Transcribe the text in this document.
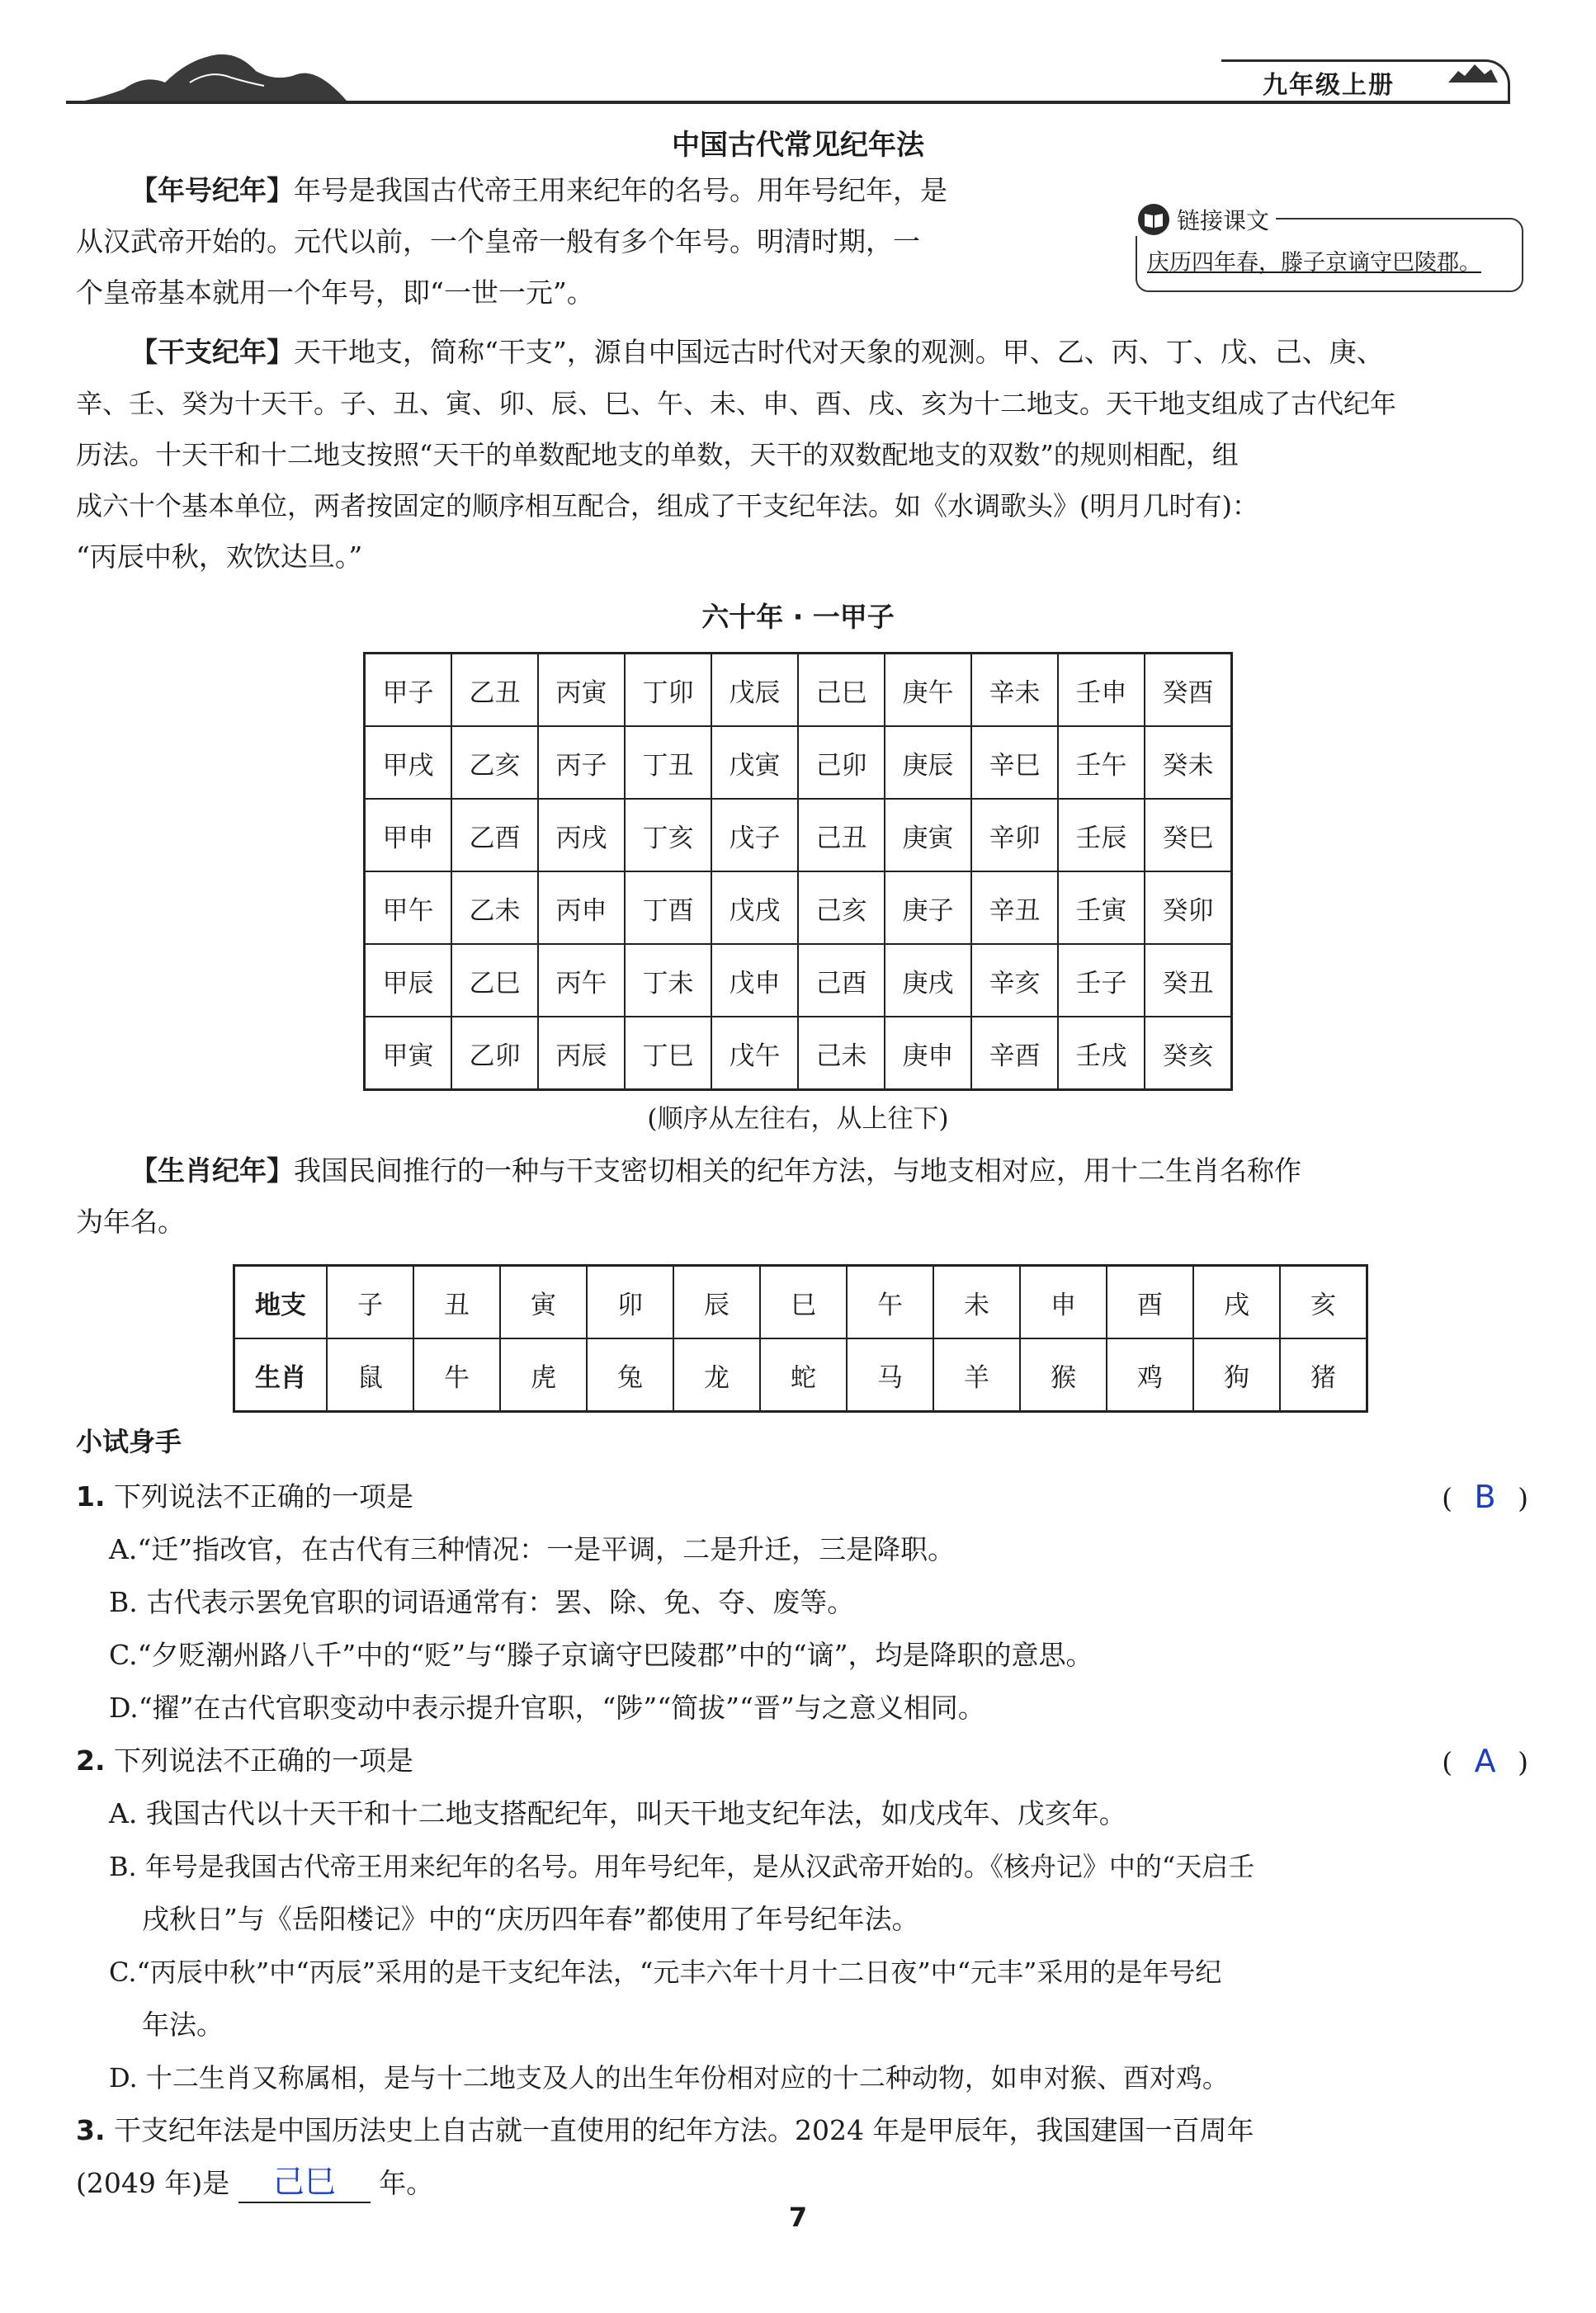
九年级上册
中国古代常见纪年法
链接课文
庆历四年春，滕子京谪守巴陵郡。
【年号纪年】年号是我国古代帝王用来纪年的名号。用年号纪年，是
从汉武帝开始的。元代以前，一个皇帝一般有多个年号。明清时期，一
个皇帝基本就用一个年号，即“一世一元”。
【干支纪年】天干地支，简称“干支”，源自中国远古时代对天象的观测。甲、乙、丙、丁、戊、己、庚、
辛、壬、癸为十天干。子、丑、寅、卯、辰、巳、午、未、申、酉、戌、亥为十二地支。天干地支组成了古代纪年
历法。十天干和十二地支按照“天干的单数配地支的单数，天干的双数配地支的双数”的规则相配，组
成六十个基本单位，两者按固定的顺序相互配合，组成了干支纪年法。如《水调歌头》(明月几时有)：
“丙辰中秋，欢饮达旦。”
六十年 · 一甲子
甲子	乙丑	丙寅	丁卯	戊辰	己巳	庚午	辛未	壬申	癸酉
甲戌	乙亥	丙子	丁丑	戊寅	己卯	庚辰	辛巳	壬午	癸未
甲申	乙酉	丙戌	丁亥	戊子	己丑	庚寅	辛卯	壬辰	癸巳
甲午	乙未	丙申	丁酉	戊戌	己亥	庚子	辛丑	壬寅	癸卯
甲辰	乙巳	丙午	丁未	戊申	己酉	庚戌	辛亥	壬子	癸丑
甲寅	乙卯	丙辰	丁巳	戊午	己未	庚申	辛酉	壬戌	癸亥
(顺序从左往右，从上往下)
【生肖纪年】我国民间推行的一种与干支密切相关的纪年方法，与地支相对应，用十二生肖名称作
为年名。
地支	子	丑	寅	卯	辰	巳	午	未	申	酉	戌	亥
生肖	鼠	牛	虎	兔	龙	蛇	马	羊	猴	鸡	狗	猪
小试身手
1. 下列说法不正确的一项是	( B )
A.“迁”指改官，在古代有三种情况：一是平调，二是升迁，三是降职。
B. 古代表示罢免官职的词语通常有：罢、除、免、夺、废等。
C.“夕贬潮州路八千”中的“贬”与“滕子京谪守巴陵郡”中的“谪”，均是降职的意思。
D.“擢”在古代官职变动中表示提升官职，“陟”“简拔”“晋”与之意义相同。
2. 下列说法不正确的一项是	( A )
A. 我国古代以十天干和十二地支搭配纪年，叫天干地支纪年法，如戊戌年、戊亥年。
B. 年号是我国古代帝王用来纪年的名号。用年号纪年，是从汉武帝开始的。《核舟记》中的“天启壬
戌秋日”与《岳阳楼记》中的“庆历四年春”都使用了年号纪年法。
C.“丙辰中秋”中“丙辰”采用的是干支纪年法，“元丰六年十月十二日夜”中“元丰”采用的是年号纪
年法。
D. 十二生肖又称属相，是与十二地支及人的出生年份相对应的十二种动物，如申对猴、酉对鸡。
3. 干支纪年法是中国历法史上自古就一直使用的纪年方法。2024 年是甲辰年，我国建国一百周年
(2049 年)是 己巳 年。
7
